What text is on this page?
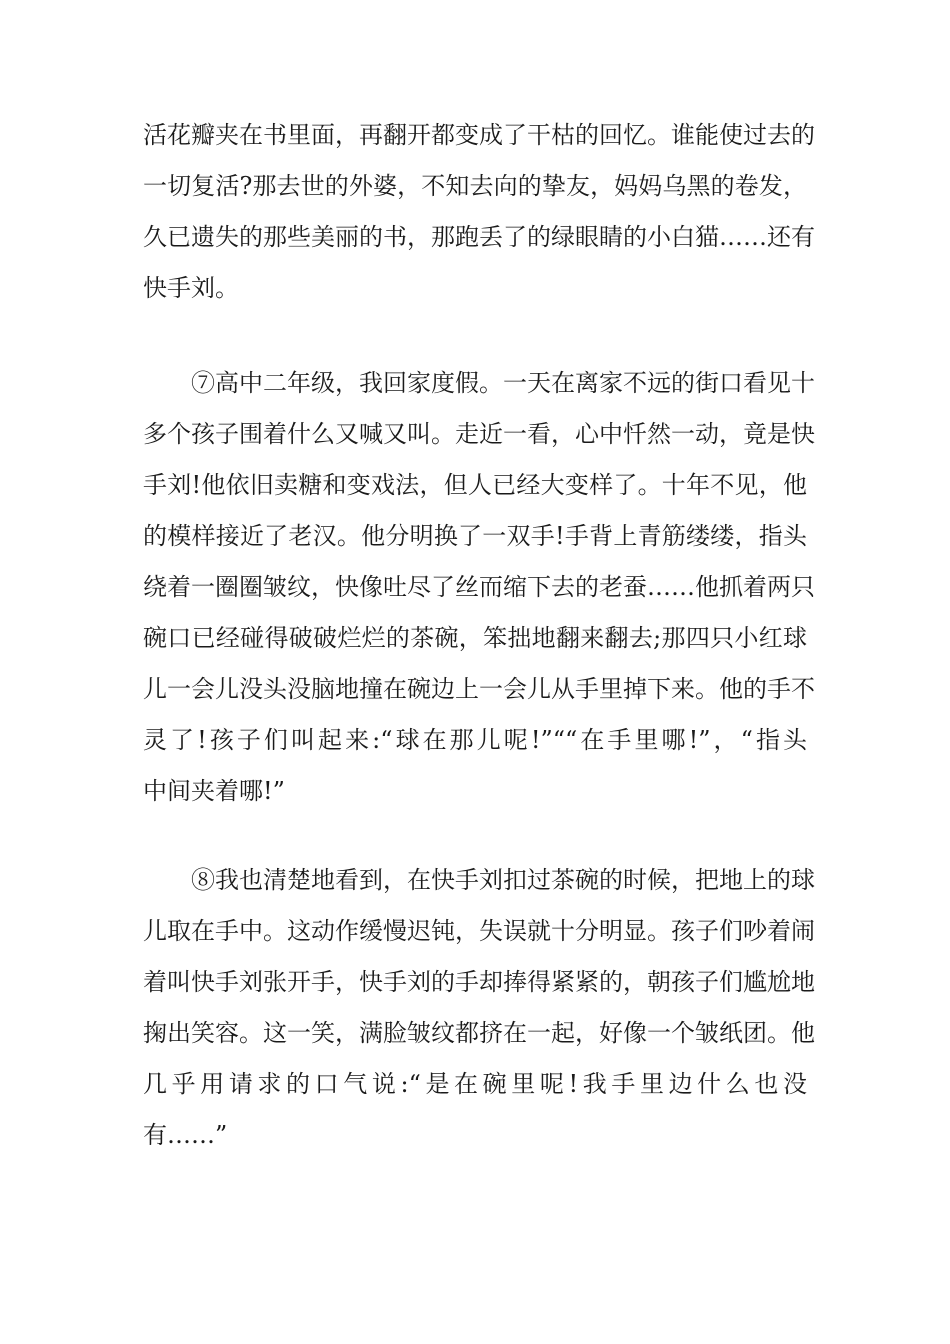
活花瓣夹在书里面，再翻开都变成了干枯的回忆。谁能使过去的
一切复活?那去世的外婆，不知去向的挚友，妈妈乌黑的卷发，
久已遗失的那些美丽的书，那跑丢了的绿眼睛的小白猫……还有
快手刘。
　　⑦高中二年级，我回家度假。一天在离家不远的街口看见十
多个孩子围着什么又喊又叫。走近一看，心中忏然一动，竟是快
手刘!他依旧卖糖和变戏法，但人已经大变样了。十年不见，他
的模样接近了老汉。他分明换了一双手!手背上青筋缕缕，指头
绕着一圈圈皱纹，快像吐尽了丝而缩下去的老蚕……他抓着两只
碗口已经碰得破破烂烂的茶碗，笨拙地翻来翻去;那四只小红球
儿一会儿没头没脑地撞在碗边上一会儿从手里掉下来。他的手不
灵了!孩子们叫起来:“球在那儿呢!”““在手里哪!”，“指头
中间夹着哪!”
　　⑧我也清楚地看到，在快手刘扣过茶碗的时候，把地上的球
儿取在手中。这动作缓慢迟钝，失误就十分明显。孩子们吵着闹
着叫快手刘张开手，快手刘的手却捧得紧紧的，朝孩子们尴尬地
掬出笑容。这一笑，满脸皱纹都挤在一起，好像一个皱纸团。他
几乎用请求的口气说:“是在碗里呢!我手里边什么也没
有……”
